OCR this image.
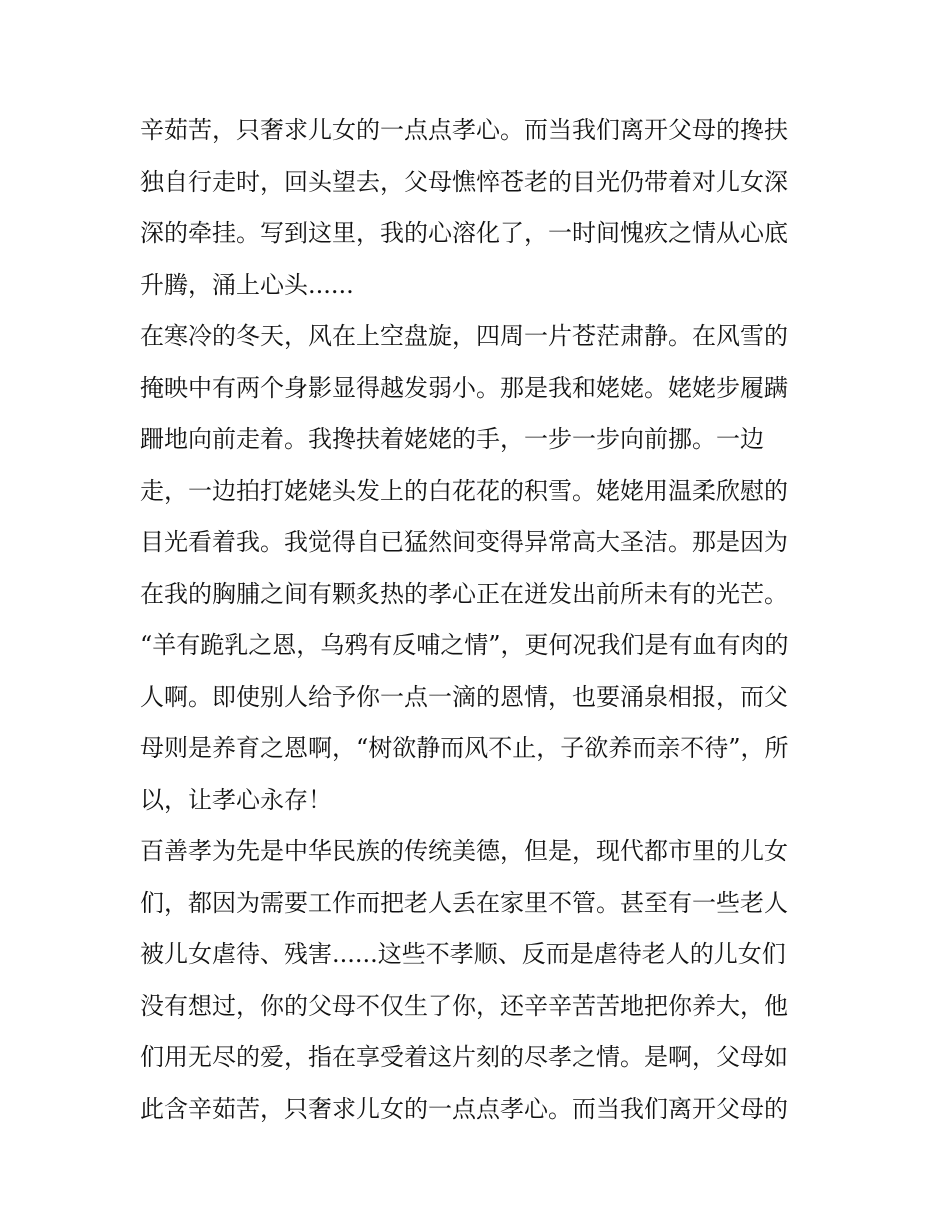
辛茹苦，只奢求儿女的一点点孝心。而当我们离开父母的搀扶
独自行走时，回头望去，父母憔悴苍老的目光仍带着对儿女深
深的牵挂。写到这里，我的心溶化了，一时间愧疚之情从心底
升腾，涌上心头......
在寒冷的冬天，风在上空盘旋，四周一片苍茫肃静。在风雪的
掩映中有两个身影显得越发弱小。那是我和姥姥。姥姥步履蹒
跚地向前走着。我搀扶着姥姥的手，一步一步向前挪。一边
走，一边拍打姥姥头发上的白花花的积雪。姥姥用温柔欣慰的
目光看着我。我觉得自已猛然间变得异常高大圣洁。那是因为
在我的胸脯之间有颗炙热的孝心正在迸发出前所未有的光芒。
“羊有跪乳之恩，乌鸦有反哺之情”，更何况我们是有血有肉的
人啊。即使别人给予你一点一滴的恩情，也要涌泉相报，而父
母则是养育之恩啊，“树欲静而风不止，子欲养而亲不待”，所
以，让孝心永存！
百善孝为先是中华民族的传统美德，但是，现代都市里的儿女
们，都因为需要工作而把老人丢在家里不管。甚至有一些老人
被儿女虐待、残害......这些不孝顺、反而是虐待老人的儿女们
没有想过，你的父母不仅生了你，还辛辛苦苦地把你养大，他
们用无尽的爱，指在享受着这片刻的尽孝之情。是啊，父母如
此含辛茹苦，只奢求儿女的一点点孝心。而当我们离开父母的
